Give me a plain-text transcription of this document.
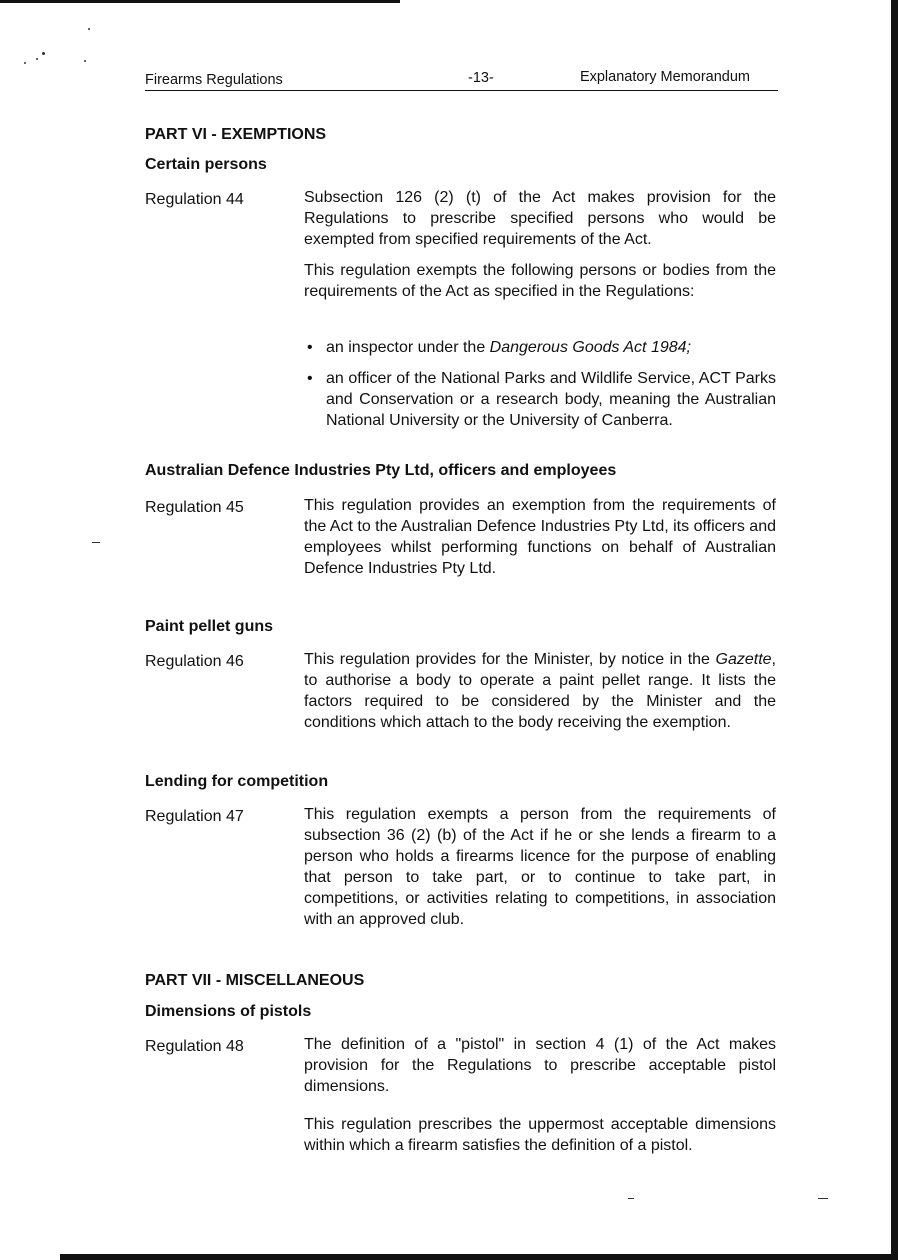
Firearms Regulations	-13-	Explanatory Memorandum
PART VI - EXEMPTIONS
Certain persons
Regulation 44	Subsection 126 (2) (t) of the Act makes provision for the Regulations to prescribe specified persons who would be exempted from specified requirements of the Act.
This regulation exempts the following persons or bodies from the requirements of the Act as specified in the Regulations:
• an inspector under the Dangerous Goods Act 1984;
• an officer of the National Parks and Wildlife Service, ACT Parks and Conservation or a research body, meaning the Australian National University or the University of Canberra.
Australian Defence Industries Pty Ltd, officers and employees
Regulation 45	This regulation provides an exemption from the requirements of the Act to the Australian Defence Industries Pty Ltd, its officers and employees whilst performing functions on behalf of Australian Defence Industries Pty Ltd.
Paint pellet guns
Regulation 46	This regulation provides for the Minister, by notice in the Gazette, to authorise a body to operate a paint pellet range. It lists the factors required to be considered by the Minister and the conditions which attach to the body receiving the exemption.
Lending for competition
Regulation 47	This regulation exempts a person from the requirements of subsection 36 (2) (b) of the Act if he or she lends a firearm to a person who holds a firearms licence for the purpose of enabling that person to take part, or to continue to take part, in competitions, or activities relating to competitions, in association with an approved club.
PART VII - MISCELLANEOUS
Dimensions of pistols
Regulation 48	The definition of a "pistol" in section 4 (1) of the Act makes provision for the Regulations to prescribe acceptable pistol dimensions.
This regulation prescribes the uppermost acceptable dimensions within which a firearm satisfies the definition of a pistol.
